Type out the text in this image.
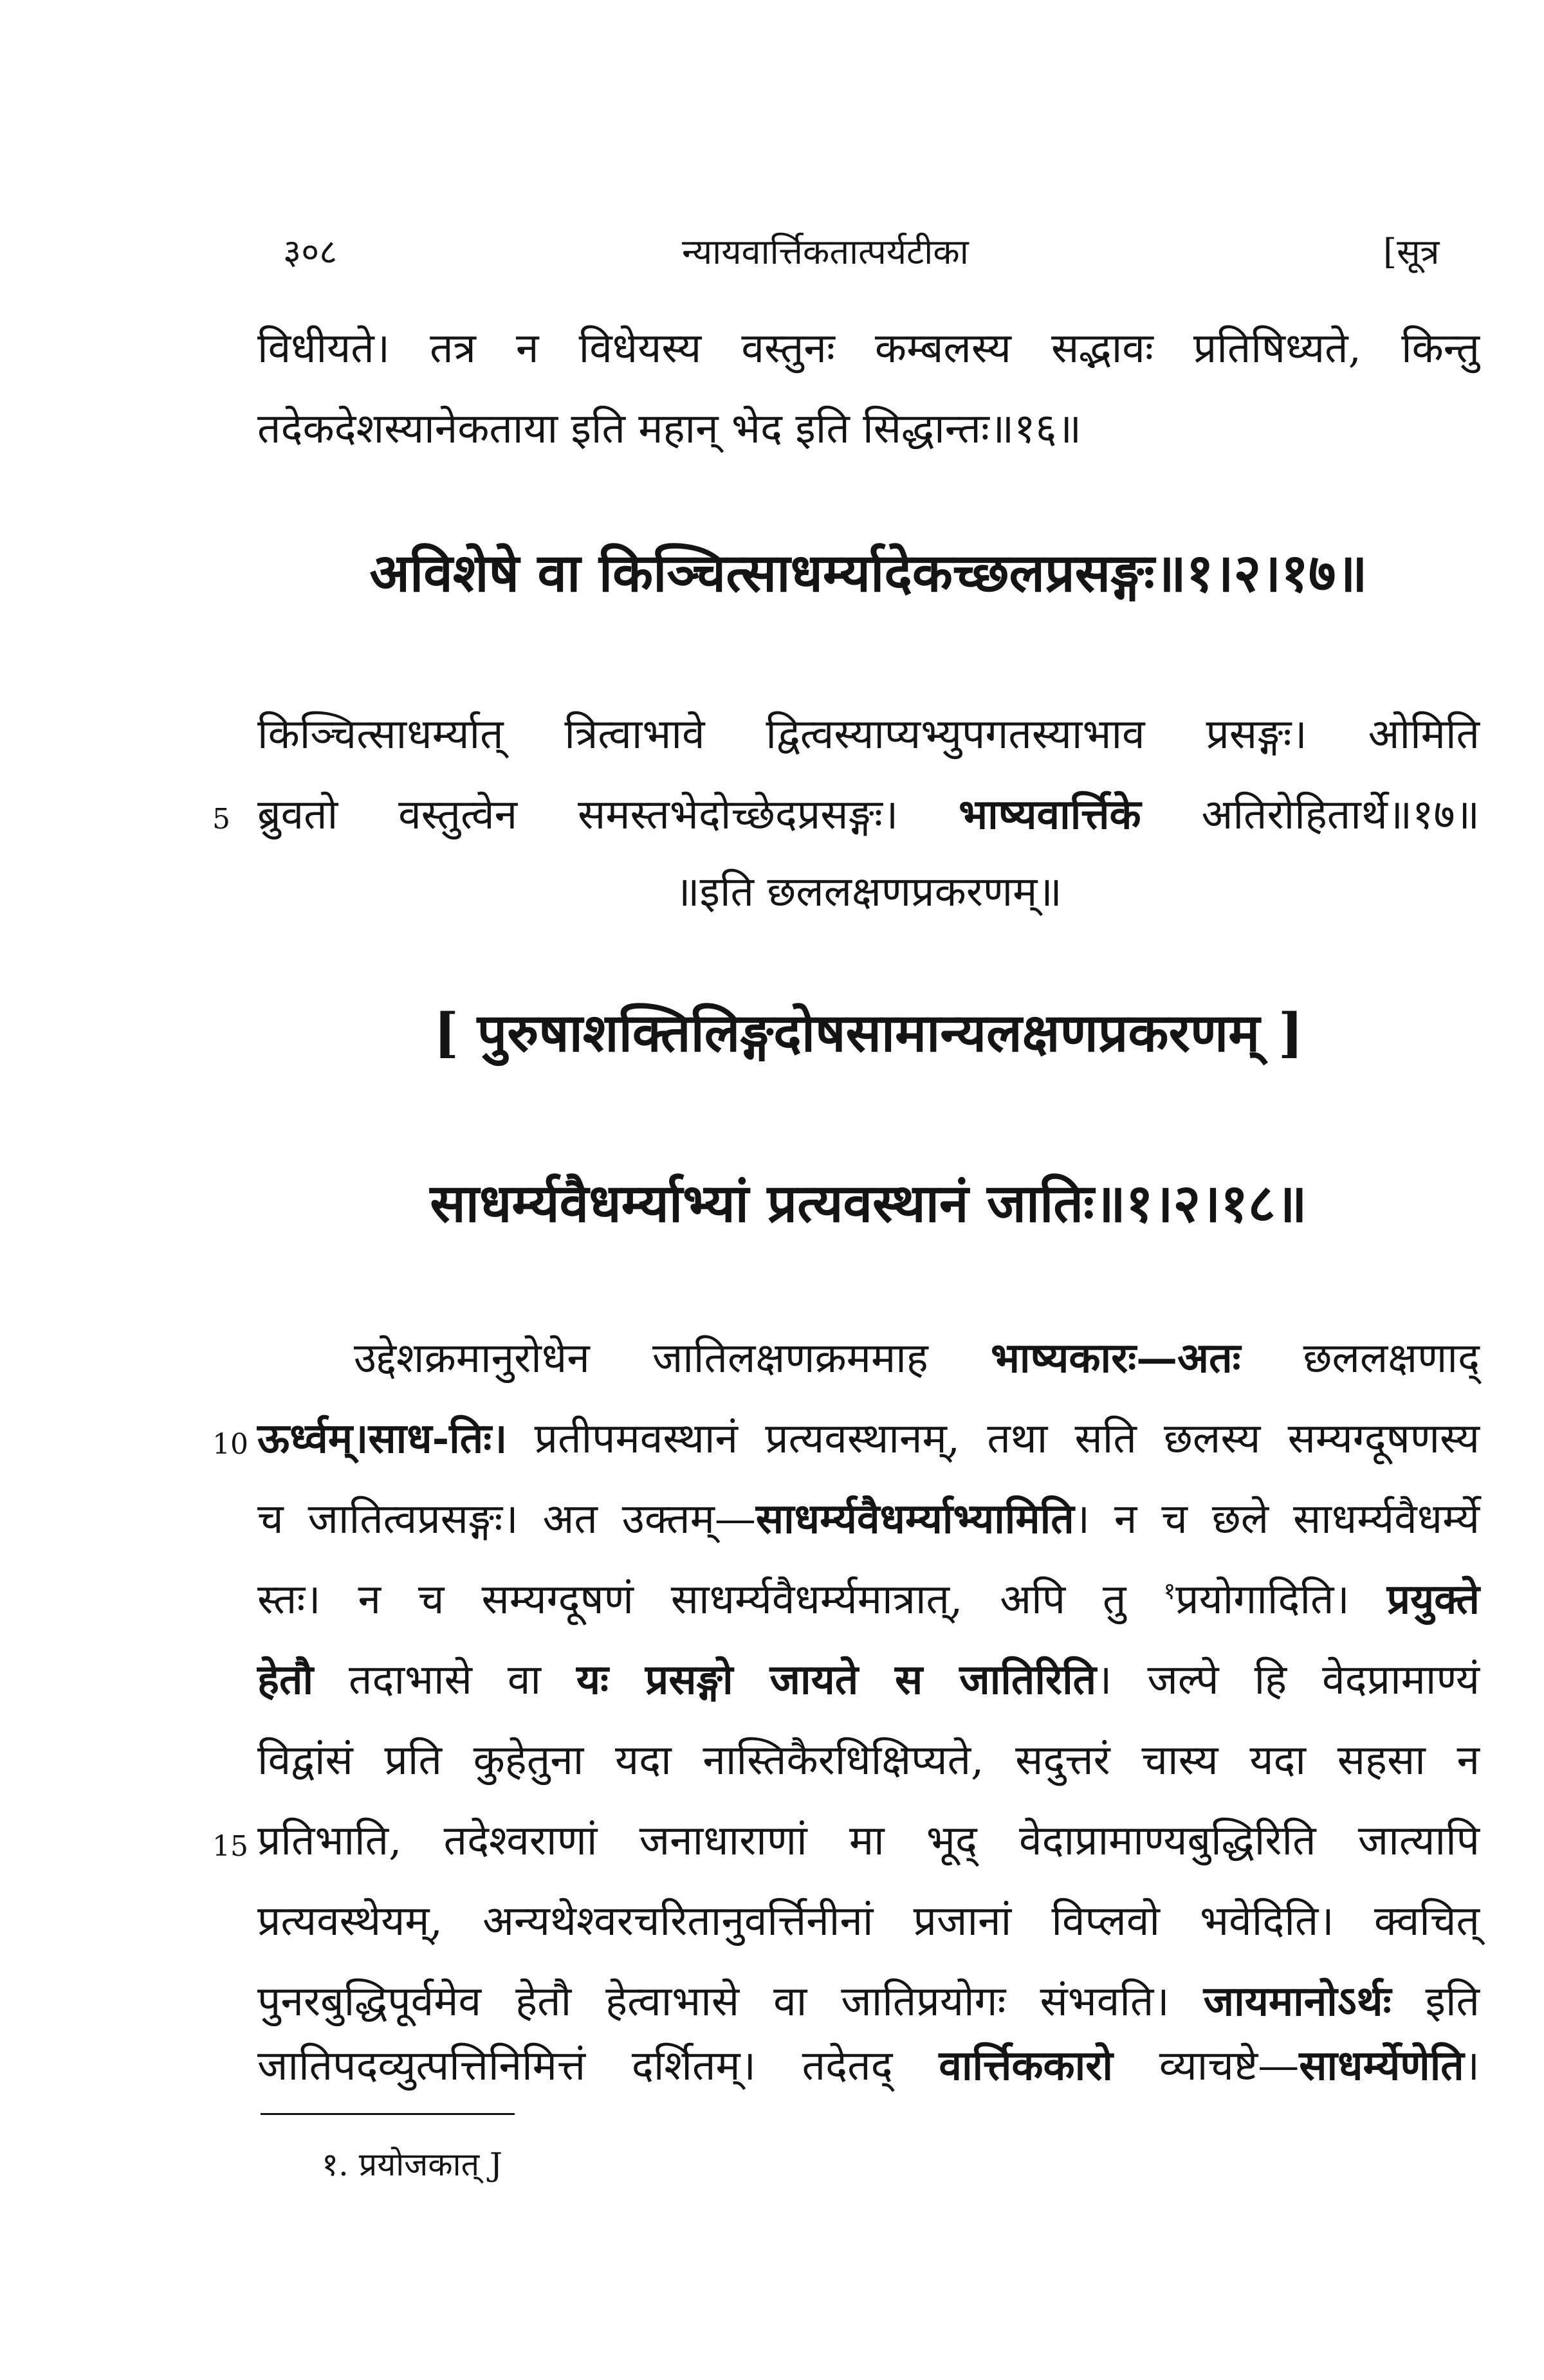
३०८	न्यायवार्त्तिकतात्पर्यटीका	[सूत्र
विधीयते। तत्र न विधेयस्य वस्तुनः कम्बलस्य सद्भावः प्रतिषिध्यते, किन्तु
तदेकदेशस्यानेकताया इति महान् भेद इति सिद्धान्तः॥१६॥
अविशेषे वा किञ्चित्साधर्म्यादेकच्छलप्रसङ्गः॥१।२।१७॥
किञ्चित्साधर्म्यात् त्रित्वाभावे द्वित्वस्याप्यभ्युपगतस्याभाव प्रसङ्गः। ओमिति
5 ब्रुवतो वस्तुत्वेन समस्तभेदोच्छेदप्रसङ्गः। भाष्यवार्त्तिके अतिरोहितार्थे॥१७॥
॥इति छललक्षणप्रकरणम्॥
[ पुरुषाशक्तिलिङ्गदोषसामान्यलक्षणप्रकरणम् ]
साधर्म्यवैधर्म्याभ्यां प्रत्यवस्थानं जातिः॥१।२।१८॥
उद्देशक्रमानुरोधेन जातिलक्षणक्रममाह भाष्यकारः—अतः छललक्षणाद्
10 ऊर्ध्वम्।साध-तिः। प्रतीपमवस्थानं प्रत्यवस्थानम्, तथा सति छलस्य सम्यग्दूषणस्य
च जातित्वप्रसङ्गः। अत उक्तम्—साधर्म्यवैधर्म्याभ्यामिति। न च छले साधर्म्यवैधर्म्ये
स्तः। न च सम्यग्दूषणं साधर्म्यवैधर्म्यमात्रात्, अपि तु $^१$प्रयोगादिति। प्रयुक्ते
हेतौ तदाभासे वा यः प्रसङ्गो जायते स जातिरिति। जल्पे हि वेदप्रामाण्यं
विद्वांसं प्रति कुहेतुना यदा नास्तिकैरधिक्षिप्यते, सदुत्तरं चास्य यदा सहसा न
15 प्रतिभाति, तदेश्वराणां जनाधाराणां मा भूद् वेदाप्रामाण्यबुद्धिरिति जात्यापि
प्रत्यवस्थेयम्, अन्यथेश्वरचरितानुवर्त्तिनीनां प्रजानां विप्लवो भवेदिति। क्वचित्
पुनरबुद्धिपूर्वमेव हेतौ हेत्वाभासे वा जातिप्रयोगः संभवति। जायमानोऽर्थः इति
जातिपदव्युत्पत्तिनिमित्तं दर्शितम्। तदेतद् वार्त्तिककारो व्याचष्टे—साधर्म्येणेति।
१. प्रयोजकात् J
